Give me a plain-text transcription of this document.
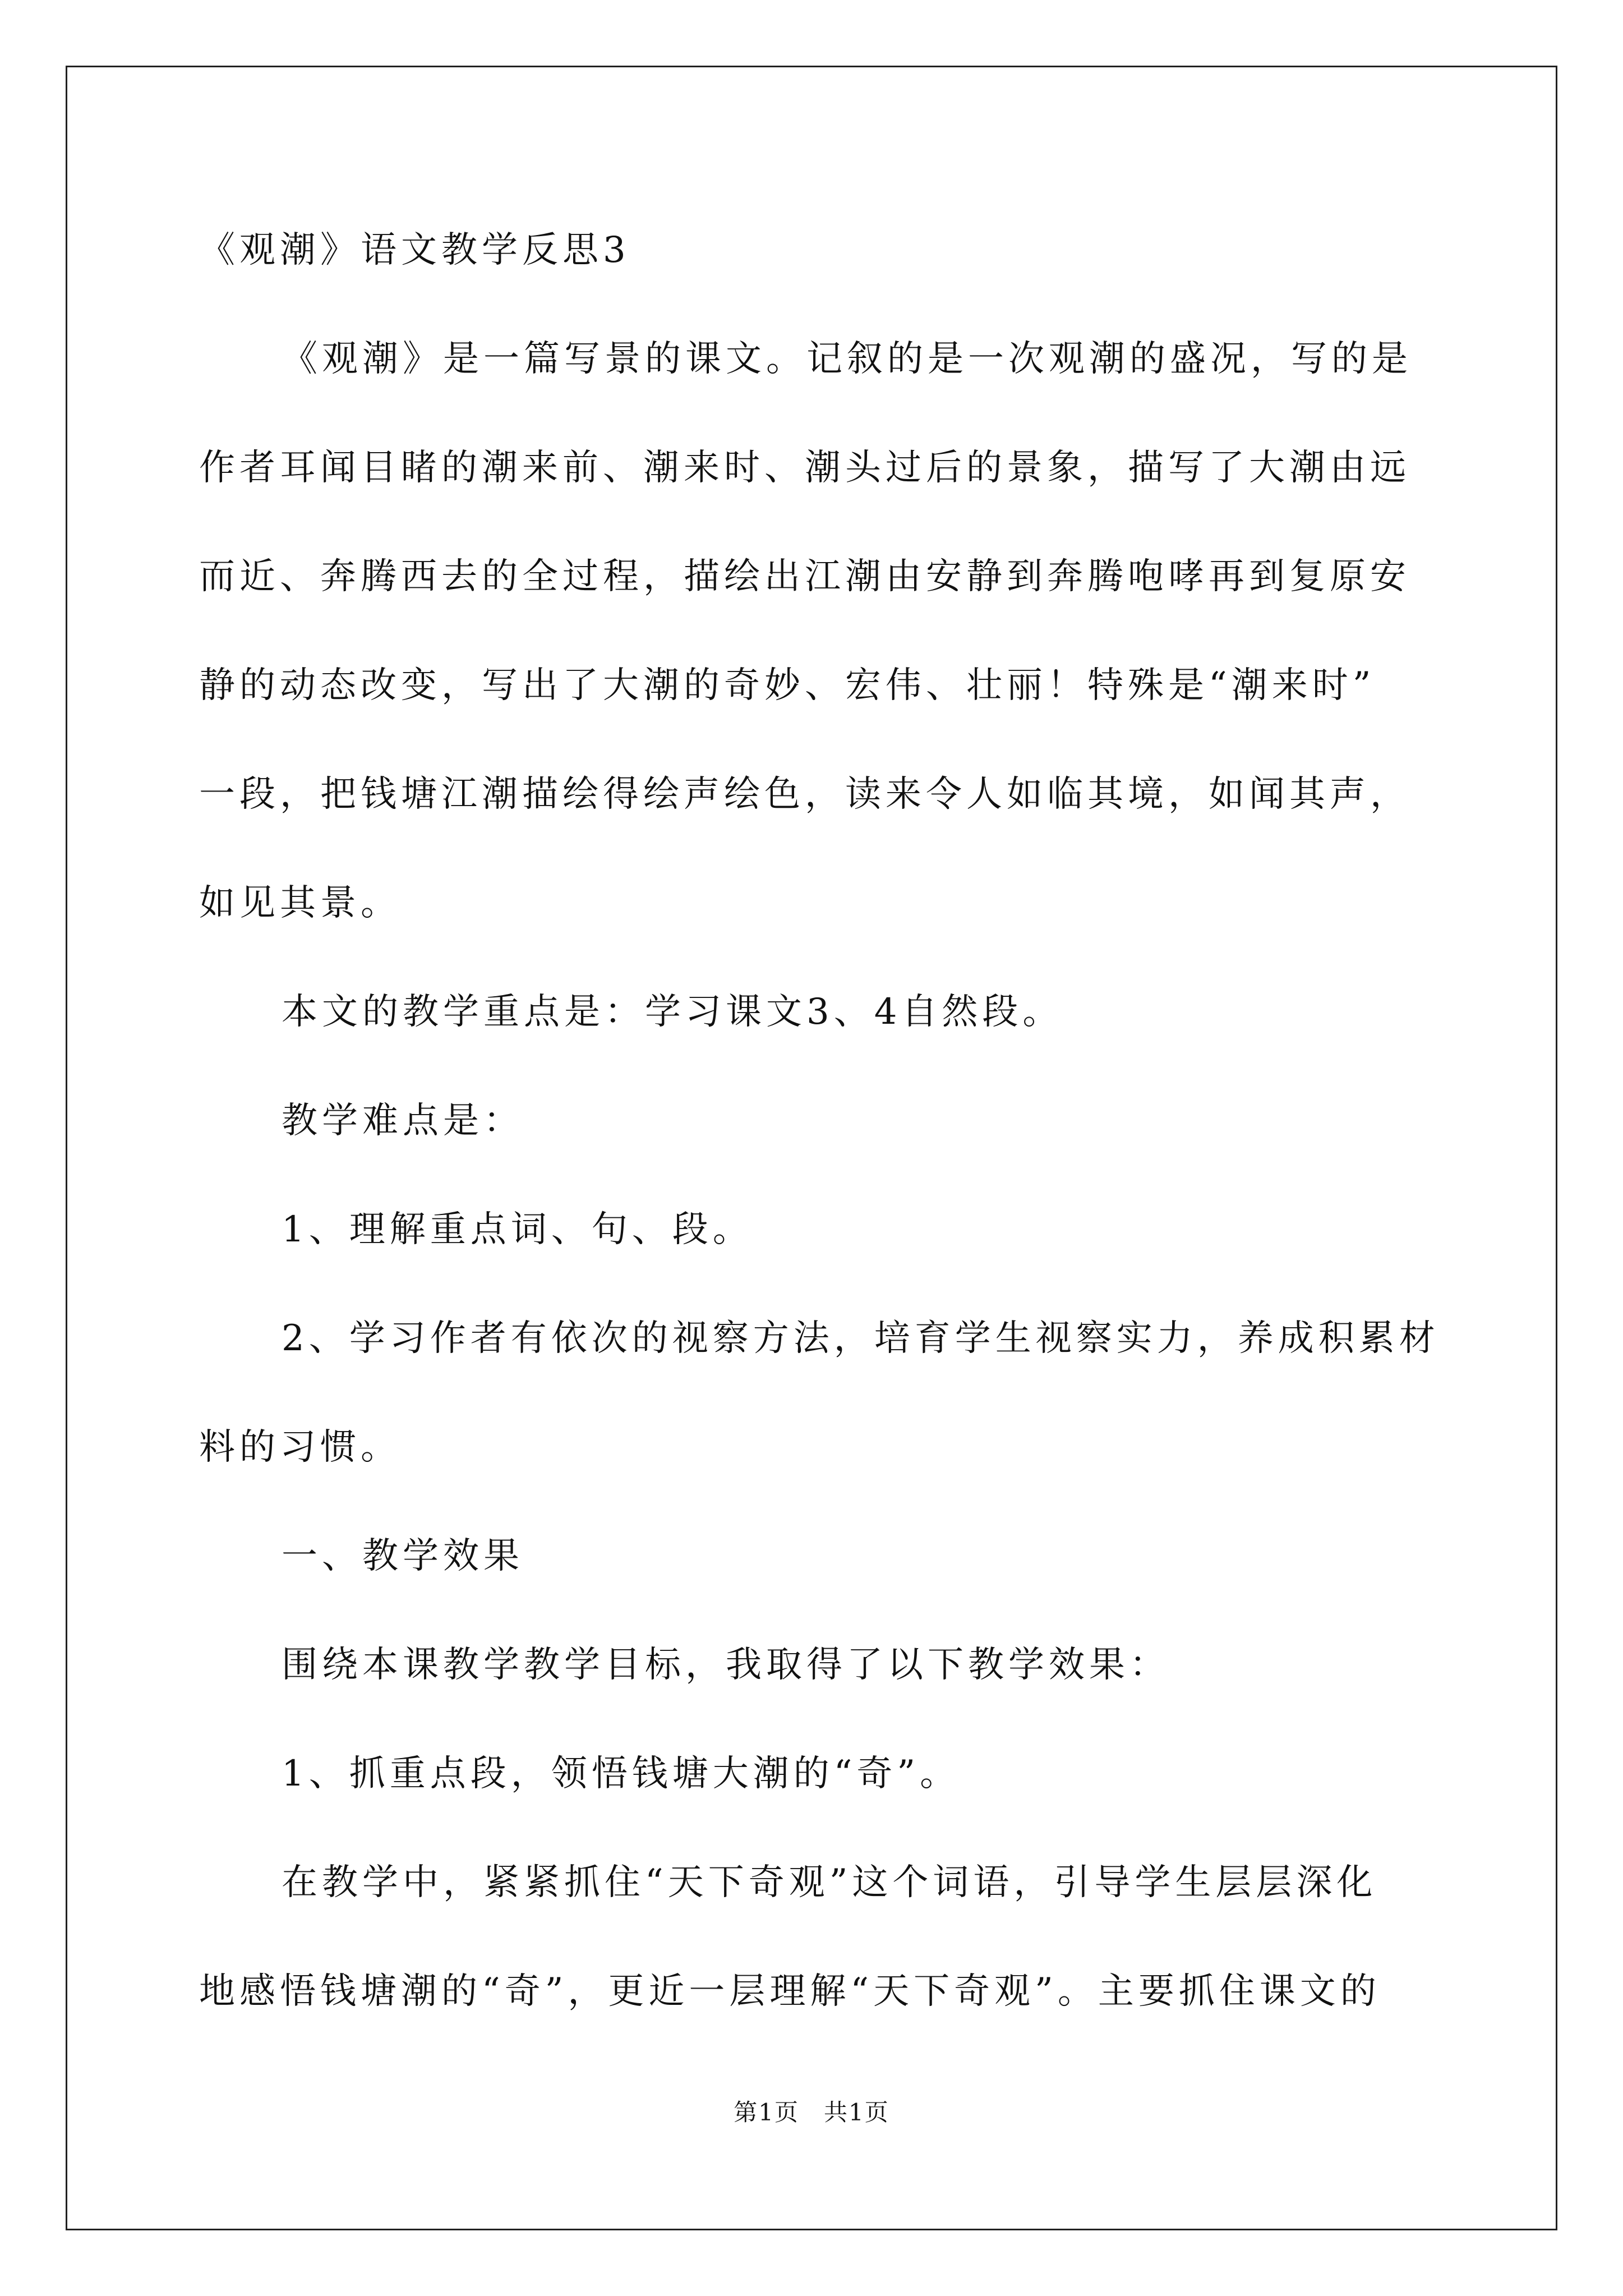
《观潮》语文教学反思3
《观潮》是一篇写景的课文。记叙的是一次观潮的盛况，写的是
作者耳闻目睹的潮来前、潮来时、潮头过后的景象，描写了大潮由远
而近、奔腾西去的全过程，描绘出江潮由安静到奔腾咆哮再到复原安
静的动态改变，写出了大潮的奇妙、宏伟、壮丽！特殊是“潮来时”
一段，把钱塘江潮描绘得绘声绘色，读来令人如临其境，如闻其声，
如见其景。
本文的教学重点是：学习课文3、4自然段。
教学难点是：
1、理解重点词、句、段。
2、学习作者有依次的视察方法，培育学生视察实力，养成积累材
料的习惯。
一、教学效果
围绕本课教学教学目标，我取得了以下教学效果：
1、抓重点段，领悟钱塘大潮的“奇”。
在教学中，紧紧抓住“天下奇观”这个词语，引导学生层层深化
地感悟钱塘潮的“奇”，更近一层理解“天下奇观”。主要抓住课文的
第1页　共1页
